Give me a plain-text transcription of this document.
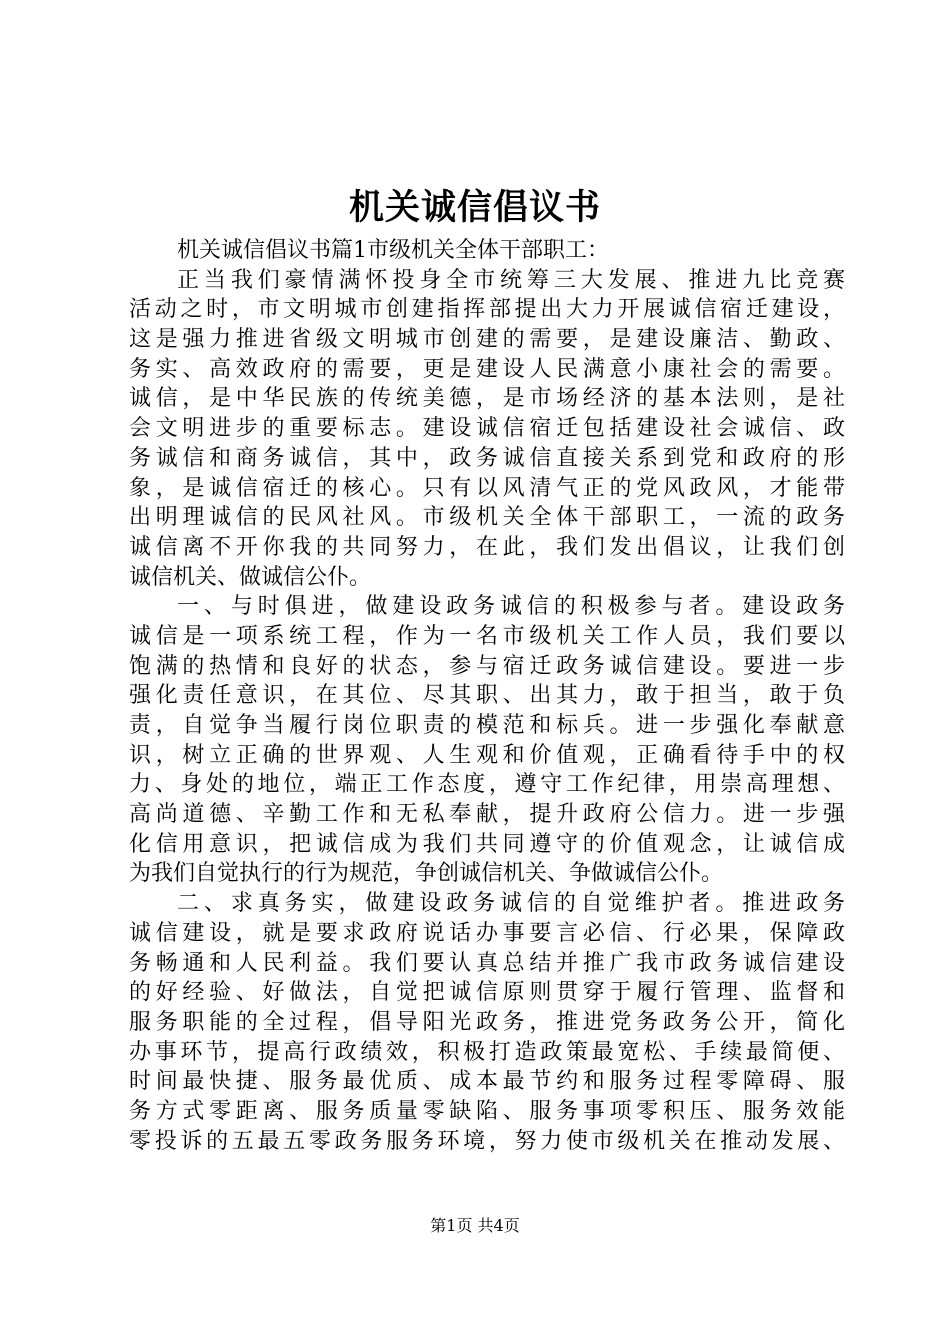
机关诚信倡议书
机关诚信倡议书篇1市级机关全体干部职工：
正当我们豪情满怀投身全市统筹三大发展、推进九比竞赛
活动之时，市文明城市创建指挥部提出大力开展诚信宿迁建设，
这是强力推进省级文明城市创建的需要，是建设廉洁、勤政、
务实、高效政府的需要，更是建设人民满意小康社会的需要。
诚信，是中华民族的传统美德，是市场经济的基本法则，是社
会文明进步的重要标志。建设诚信宿迁包括建设社会诚信、政
务诚信和商务诚信，其中，政务诚信直接关系到党和政府的形
象，是诚信宿迁的核心。只有以风清气正的党风政风，才能带
出明理诚信的民风社风。市级机关全体干部职工，一流的政务
诚信离不开你我的共同努力，在此，我们发出倡议，让我们创
诚信机关、做诚信公仆。
一、与时俱进，做建设政务诚信的积极参与者。建设政务
诚信是一项系统工程，作为一名市级机关工作人员，我们要以
饱满的热情和良好的状态，参与宿迁政务诚信建设。要进一步
强化责任意识，在其位、尽其职、出其力，敢于担当，敢于负
责，自觉争当履行岗位职责的模范和标兵。进一步强化奉献意
识，树立正确的世界观、人生观和价值观，正确看待手中的权
力、身处的地位，端正工作态度，遵守工作纪律，用崇高理想、
高尚道德、辛勤工作和无私奉献，提升政府公信力。进一步强
化信用意识，把诚信成为我们共同遵守的价值观念，让诚信成
为我们自觉执行的行为规范，争创诚信机关、争做诚信公仆。
二、求真务实，做建设政务诚信的自觉维护者。推进政务
诚信建设，就是要求政府说话办事要言必信、行必果，保障政
务畅通和人民利益。我们要认真总结并推广我市政务诚信建设
的好经验、好做法，自觉把诚信原则贯穿于履行管理、监督和
服务职能的全过程，倡导阳光政务，推进党务政务公开，简化
办事环节，提高行政绩效，积极打造政策最宽松、手续最简便、
时间最快捷、服务最优质、成本最节约和服务过程零障碍、服
务方式零距离、服务质量零缺陷、服务事项零积压、服务效能
零投诉的五最五零政务服务环境，努力使市级机关在推动发展、
第1页 共4页
